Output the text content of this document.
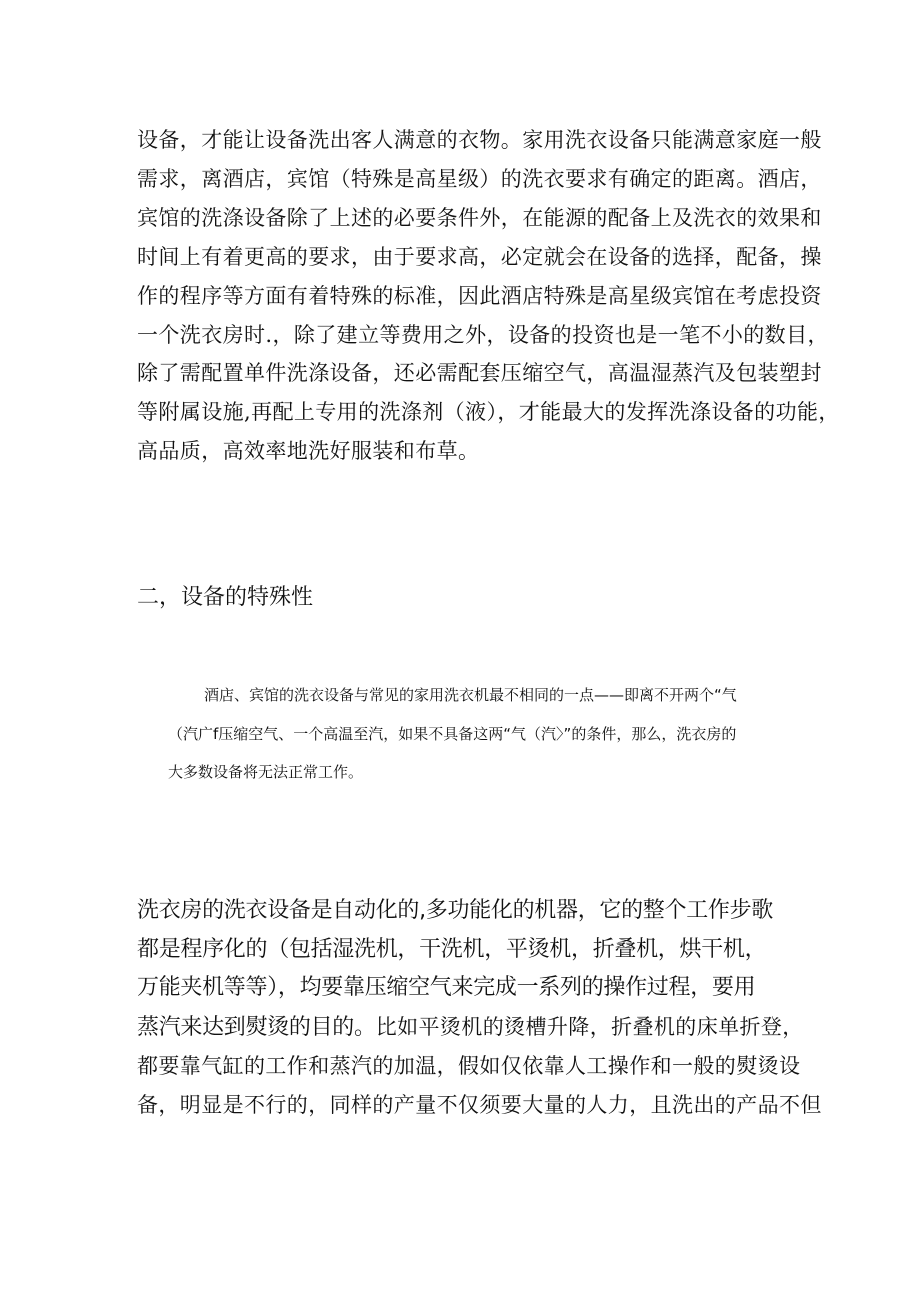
设备，才能让设备洗出客人满意的衣物。家用洗衣设备只能满意家庭一般
需求，离酒店，宾馆（特殊是高星级）的洗衣要求有确定的距离。酒店，
宾馆的洗涤设备除了上述的必要条件外，在能源的配备上及洗衣的效果和
时间上有着更高的要求，由于要求高，必定就会在设备的选择，配备，操
作的程序等方面有着特殊的标准，因此酒店特殊是高星级宾馆在考虑投资
一个洗衣房时.，除了建立等费用之外，设备的投资也是一笔不小的数目，
除了需配置单件洗涤设备，还必需配套压缩空气，高温湿蒸汽及包装塑封
等附属设施,再配上专用的洗涤剂（液），才能最大的发挥洗涤设备的功能，
高品质，高效率地洗好服装和布草。
二，设备的特殊性
酒店、宾馆的洗衣设备与常见的家用洗衣机最不相同的一点——即离不开两个“气
（汽广f压缩空气、一个高温至汽，如果不具备这两“气（汽〉”的条件，那么，洗衣房的
大多数设备将无法正常工作。
洗衣房的洗衣设备是自动化的,多功能化的机器，它的整个工作步歌
都是程序化的（包括湿洗机，干洗机，平烫机，折叠机，烘干机，
万能夹机等等），均要靠压缩空气来完成一系列的操作过程，要用
蒸汽来达到熨烫的目的。比如平烫机的烫槽升降，折叠机的床单折登，
都要靠气缸的工作和蒸汽的加温，假如仅依靠人工操作和一般的熨烫设
备，明显是不行的，同样的产量不仅须要大量的人力，且洗出的产品不但
